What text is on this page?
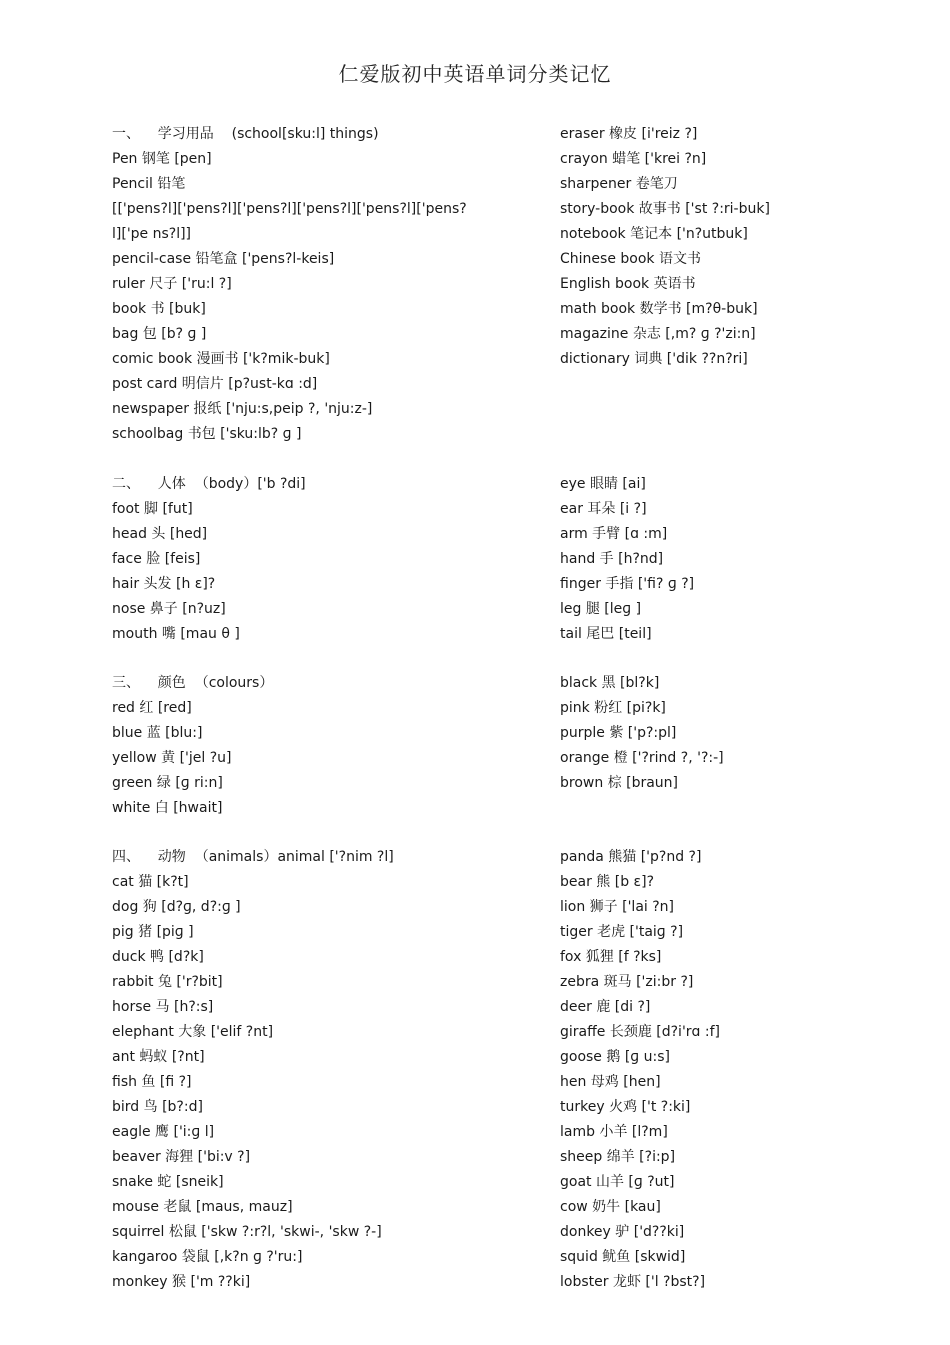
仁爱版初中英语单词分类记忆
一、    学习用品    (school[sku:l] things)
Pen 钢笔 [pen]
Pencil 铅笔
[['pens?l]['pens?l]['pens?l]['pens?l]['pens?l]['pens?l]['pe ns?l]]
pencil-case 铅笔盒 ['pens?l-keis]
ruler 尺子 ['ru:l ?]
book 书 [buk]
bag 包 [b? ɡ ]
comic book 漫画书 ['k?mik-buk]
post card 明信片 [p?ust-kɑ :d]
newspaper 报纸 ['nju:s,peip ?, 'nju:z-]
schoolbag 书包 ['sku:lb? ɡ ]
eraser 橡皮 [i'reiz ?]
crayon 蜡笔 ['krei ?n]
sharpener 卷笔刀
story-book 故事书 ['st ?:ri-buk]
notebook 笔记本 ['n?utbuk]
Chinese book 语文书
English book 英语书
math book 数学书 [m?θ-buk]
magazine 杂志 [,m? ɡ ?'zi:n]
dictionary 词典 ['dik ??n?ri]
二、    人体  （body）['b ?di]
foot 脚 [fut]
head 头 [hed]
face 脸 [feis]
hair 头发 [h ε]?
nose 鼻子 [n?uz]
mouth 嘴 [mau θ ]
eye 眼睛 [ai]
ear 耳朵 [i ?]
arm 手臂 [ɑ :m]
hand 手 [h?nd]
finger 手指 ['fi? ɡ ?]
leg 腿 [leɡ ]
tail 尾巴 [teil]
三、    颜色  （colours）
red 红 [red]
blue 蓝 [blu:]
yellow 黄 ['jel ?u]
green 绿 [ɡ ri:n]
white 白 [hwait]
black 黑 [bl?k]
pink 粉红 [pi?k]
purple 紫 ['p?:pl]
orange 橙 ['?rind ?, '?:-]
brown 棕 [braun]
四、    动物  （animals）animal ['?nim ?l]
cat 猫 [k?t]
dog 狗 [d?ɡ, d?:ɡ ]
pig 猪 [piɡ ]
duck 鸭 [d?k]
rabbit 兔 ['r?bit]
horse 马 [h?:s]
elephant 大象 ['elif ?nt]
ant 蚂蚁 [?nt]
fish 鱼 [fi ?]
bird 鸟 [b?:d]
eagle 鹰 ['i:ɡ l]
beaver 海狸 ['bi:v ?]
snake 蛇 [sneik]
mouse 老鼠 [maus, mauz]
squirrel 松鼠 ['skw ?:r?l, 'skwi-, 'skw ?-]
kangaroo 袋鼠 [,k?n ɡ ?'ru:]
monkey 猴 ['m ??ki]
panda 熊猫 ['p?nd ?]
bear 熊 [b ε]?
lion 狮子 ['lai ?n]
tiger 老虎 ['taiɡ ?]
fox 狐狸 [f ?ks]
zebra 斑马 ['zi:br ?]
deer 鹿 [di ?]
giraffe 长颈鹿 [d?i'rɑ :f]
goose 鹅 [ɡ u:s]
hen 母鸡 [hen]
turkey 火鸡 ['t ?:ki]
lamb 小羊 [l?m]
sheep 绵羊 [?i:p]
goat 山羊 [ɡ ?ut]
cow 奶牛 [kau]
donkey 驴 ['d??ki]
squid 鱿鱼 [skwid]
lobster 龙虾 ['l ?bst?]
